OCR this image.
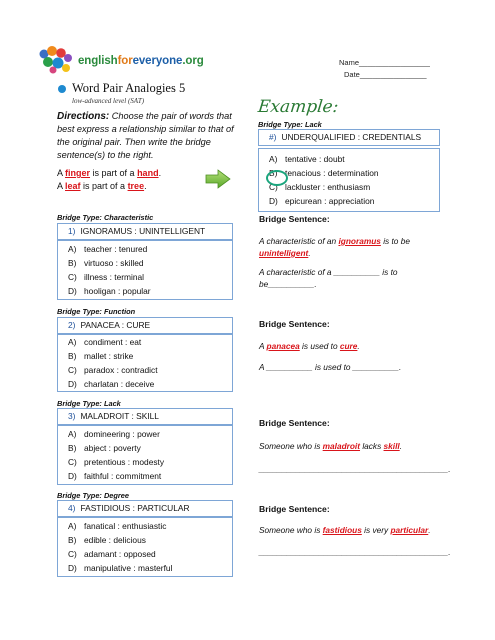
englishforeveryone.org	Name_________________
Date________________
Word Pair Analogies 5
low-advanced level (SAT)
Directions: Choose the pair of words that best express a relationship similar to that of the original pair. Then write the bridge sentence(s) to the right.
A finger is part of a hand.
A leaf is part of a tree.
Example:
Bridge Type: Lack
#) UNDERQUALIFIED : CREDENTIALS
A) tentative : doubt
B) tenacious : determination
C) lackluster : enthusiasm
D) epicurean : appreciation
Bridge Type: Characteristic
1) IGNORAMUS : UNINTELLIGENT
A) teacher : tenured
B) virtuoso : skilled
C) illness : terminal
D) hooligan : popular
Bridge Sentence:
A characteristic of an ignoramus is to be
unintelligent.
A characteristic of a __________ is to
be__________.
Bridge Type: Function
2) PANACEA : CURE
A) condiment : eat
B) mallet : strike
C) paradox : contradict
D) charlatan : deceive
Bridge Sentence:
A panacea is used to cure.
A __________ is used to __________.
Bridge Type: Lack
3) MALADROIT : SKILL
A) domineering : power
B) abject : poverty
C) pretentious : modesty
D) faithful : commitment
Bridge Sentence:
Someone who is maladroit lacks skill.
_________________________________________.
Bridge Type: Degree
4) FASTIDIOUS : PARTICULAR
A) fanatical : enthusiastic
B) edible : delicious
C) adamant : opposed
D) manipulative : masterful
Bridge Sentence:
Someone who is fastidious is very particular.
_________________________________________.
